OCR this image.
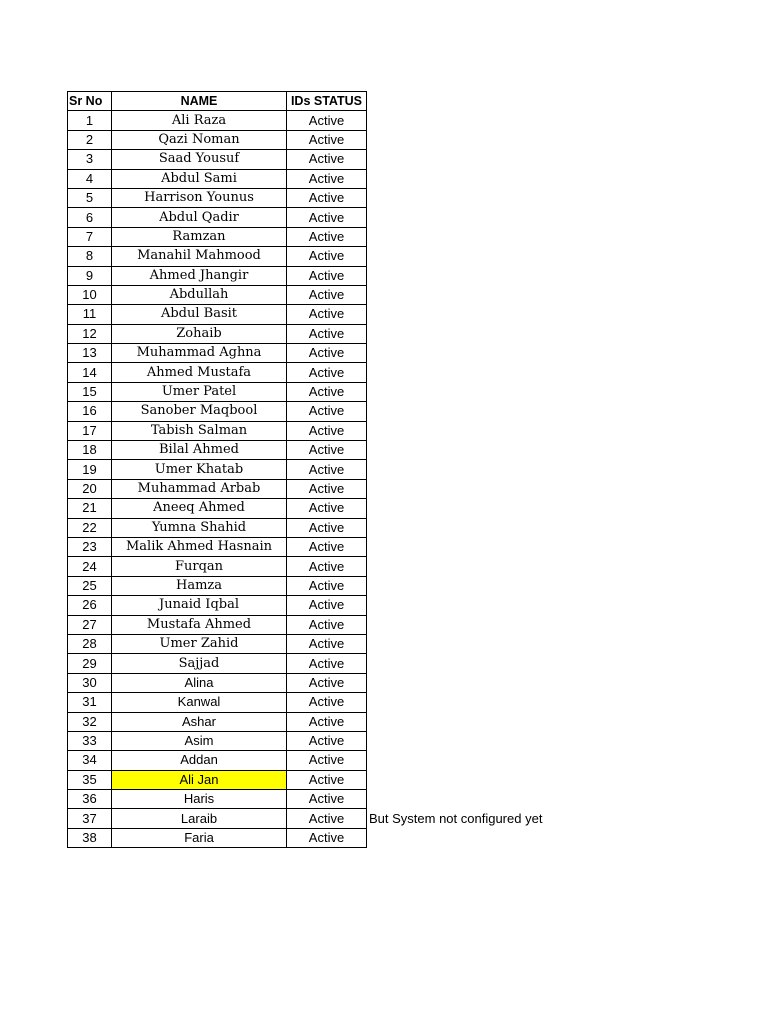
Sr No	NAME	IDs STATUS
1	Ali Raza	Active
2	Qazi Noman	Active
3	Saad Yousuf	Active
4	Abdul Sami	Active
5	Harrison Younus	Active
6	Abdul Qadir	Active
7	Ramzan	Active
8	Manahil Mahmood	Active
9	Ahmed Jhangir	Active
10	Abdullah	Active
11	Abdul Basit	Active
12	Zohaib	Active
13	Muhammad Aghna	Active
14	Ahmed Mustafa	Active
15	Umer Patel	Active
16	Sanober Maqbool	Active
17	Tabish Salman	Active
18	Bilal Ahmed	Active
19	Umer Khatab	Active
20	Muhammad Arbab	Active
21	Aneeq Ahmed	Active
22	Yumna Shahid	Active
23	Malik Ahmed Hasnain	Active
24	Furqan	Active
25	Hamza	Active
26	Junaid Iqbal	Active
27	Mustafa Ahmed	Active
28	Umer Zahid	Active
29	Sajjad	Active
30	Alina	Active
31	Kanwal	Active
32	Ashar	Active
33	Asim	Active
34	Addan	Active
35	Ali Jan	Active
36	Haris	Active
37	Laraib	Active
38	Faria	Active
But System not configured yet
